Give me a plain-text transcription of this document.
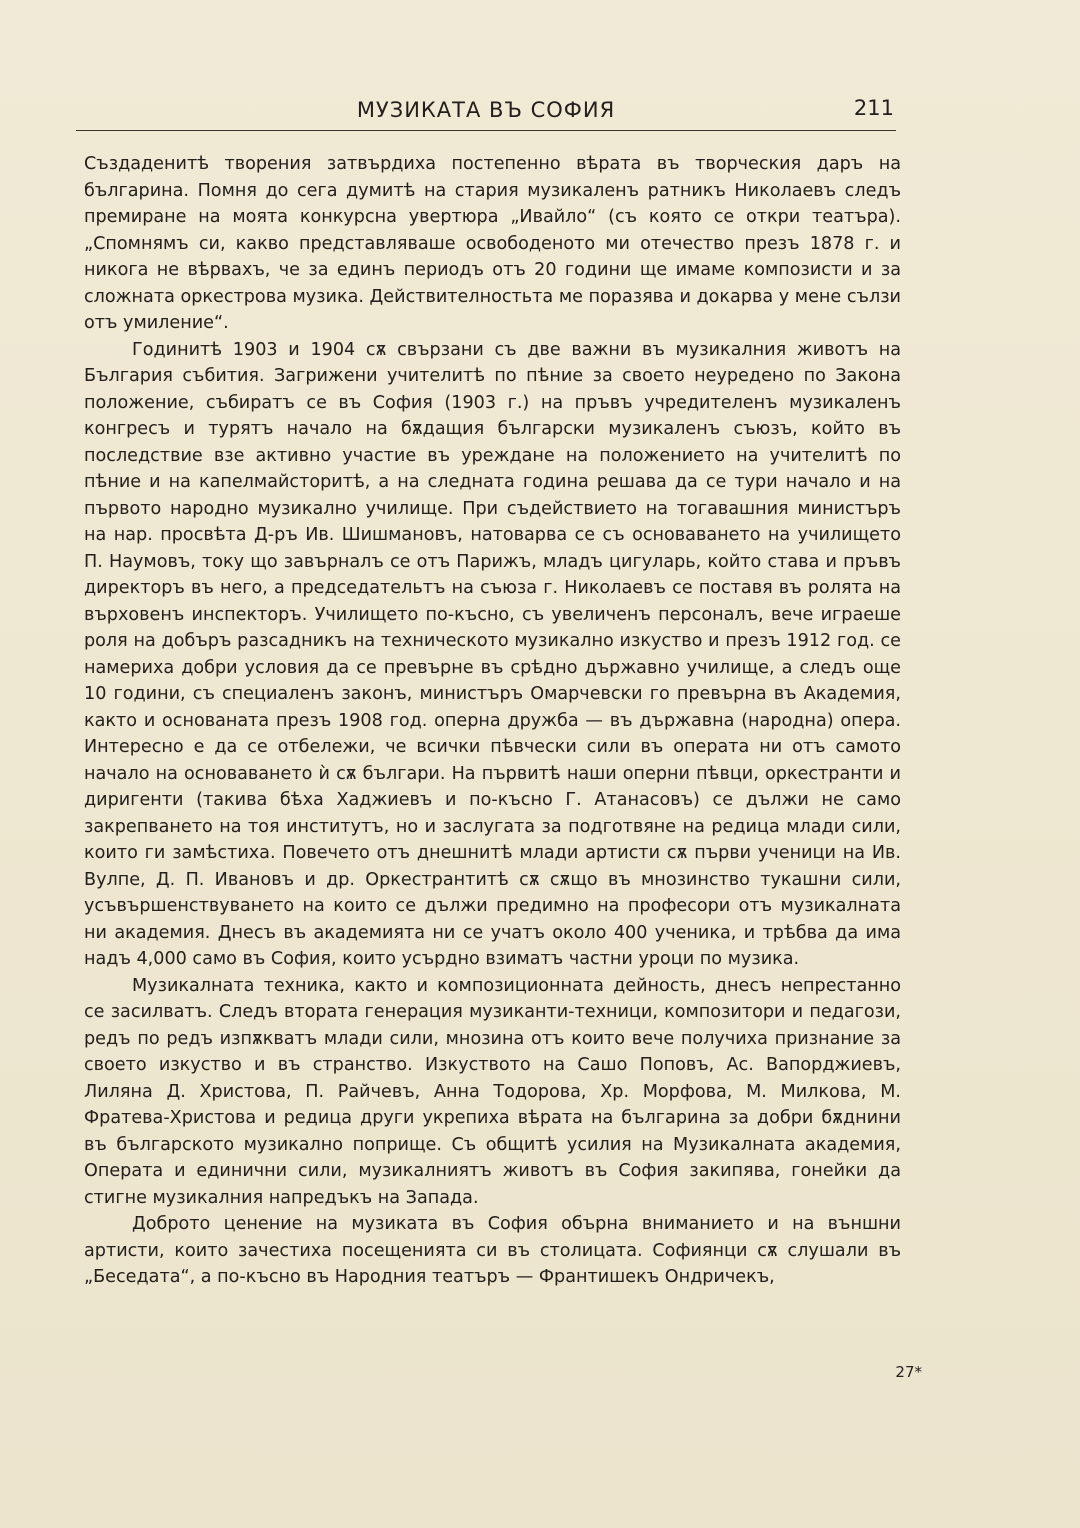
МУЗИКАТА ВЪ СОФИЯ	211

Създаденитѣ творения затвърдиха постепенно вѣрата въ творческия даръ на българина. Помня до сега думитѣ на стария музикаленъ ратникъ Николаевъ следъ премиране на моята конкурсна увертюра „Ивайло“ (съ която се откри театъра). „Спомнямъ си, какво представляваше освободеното ми отечество презъ 1878 г. и никога не вѣрвахъ, че за единъ периодъ отъ 20 години ще имаме композисти и за сложната оркестрова музика. Действителностьта ме поразява и докарва у мене сълзи отъ умиление“.

Годинитѣ 1903 и 1904 сѫ свързани съ две важни въ музикалния животъ на България събития. Загрижени учителитѣ по пѣние за своето неуредено по Закона положение, събиратъ се въ София (1903 г.) на пръвъ учредителенъ музикаленъ конгресъ и турятъ начало на бѫдащия български музикаленъ съюзъ, който въ последствие взе активно участие въ уреждане на положението на учителитѣ по пѣние и на капелмайсторитѣ, а на следната година решава да се тури начало и на първото народно музикално училище. При съдействието на тогавашния министъръ на нар. просвѣта Д-ръ Ив. Шишмановъ, натоварва се съ основаването на училището П. Наумовъ, току що завърналъ се отъ Парижъ, младъ цигуларь, който става и пръвъ директоръ въ него, а председательтъ на съюза г. Николаевъ се поставя въ ролята на върховенъ инспекторъ. Училището по-късно, съ увеличенъ персоналъ, вече играеше роля на добъръ разсадникъ на техническото музикално изкуство и презъ 1912 год. се намериха добри условия да се превърне въ срѣдно държавно училище, а следъ още 10 години, съ специаленъ законъ, министъръ Омарчевски го превърна въ Академия, както и основаната презъ 1908 год. оперна дружба — въ държавна (народна) опера. Интересно е да се отбележи, че всички пѣвчески сили въ операта ни отъ самото начало на основаването ѝ сѫ българи. На първитѣ наши оперни пѣвци, оркестранти и диригенти (такива бѣха Хаджиевъ и по-късно Г. Атанасовъ) се дължи не само закрепването на тоя институтъ, но и заслугата за подготвяне на редица млади сили, които ги замѣстиха. Повечето отъ днешнитѣ млади артисти сѫ първи ученици на Ив. Вулпе, Д. П. Ивановъ и др. Оркестрантитѣ сѫ сѫщо въ мнозинство тукашни сили, усъвършенствуването на които се дължи предимно на професори отъ музикалната ни академия. Днесъ въ академията ни се учатъ около 400 ученика, и трѣбва да има надъ 4,000 само въ София, които усърдно взиматъ частни уроци по музика.

Музикалната техника, както и композиционната дейность, днесъ непрестанно се засилватъ. Следъ втората генерация музиканти-техници, композитори и педагози, редъ по редъ изпѫкватъ млади сили, мнозина отъ които вече получиха признание за своето изкуство и въ странство. Изкуството на Сашо Поповъ, Ас. Вапорджиевъ, Лиляна Д. Христова, П. Райчевъ, Анна Тодорова, Хр. Морфова, М. Милкова, М. Фратева-Христова и редица други укрепиха вѣрата на българина за добри бѫднини въ българското музикално поприще. Съ общитѣ усилия на Музикалната академия, Операта и единични сили, музикалниятъ животъ въ София закипява, гонейки да стигне музикалния напредъкъ на Запада.

Доброто ценение на музиката въ София обърна вниманието и на външни артисти, които зачестиха посещенията си въ столицата. Софиянци сѫ слушали въ „Беседата“, а по-късно въ Народния театъръ — Франтишекъ Ондричекъ,

27*
